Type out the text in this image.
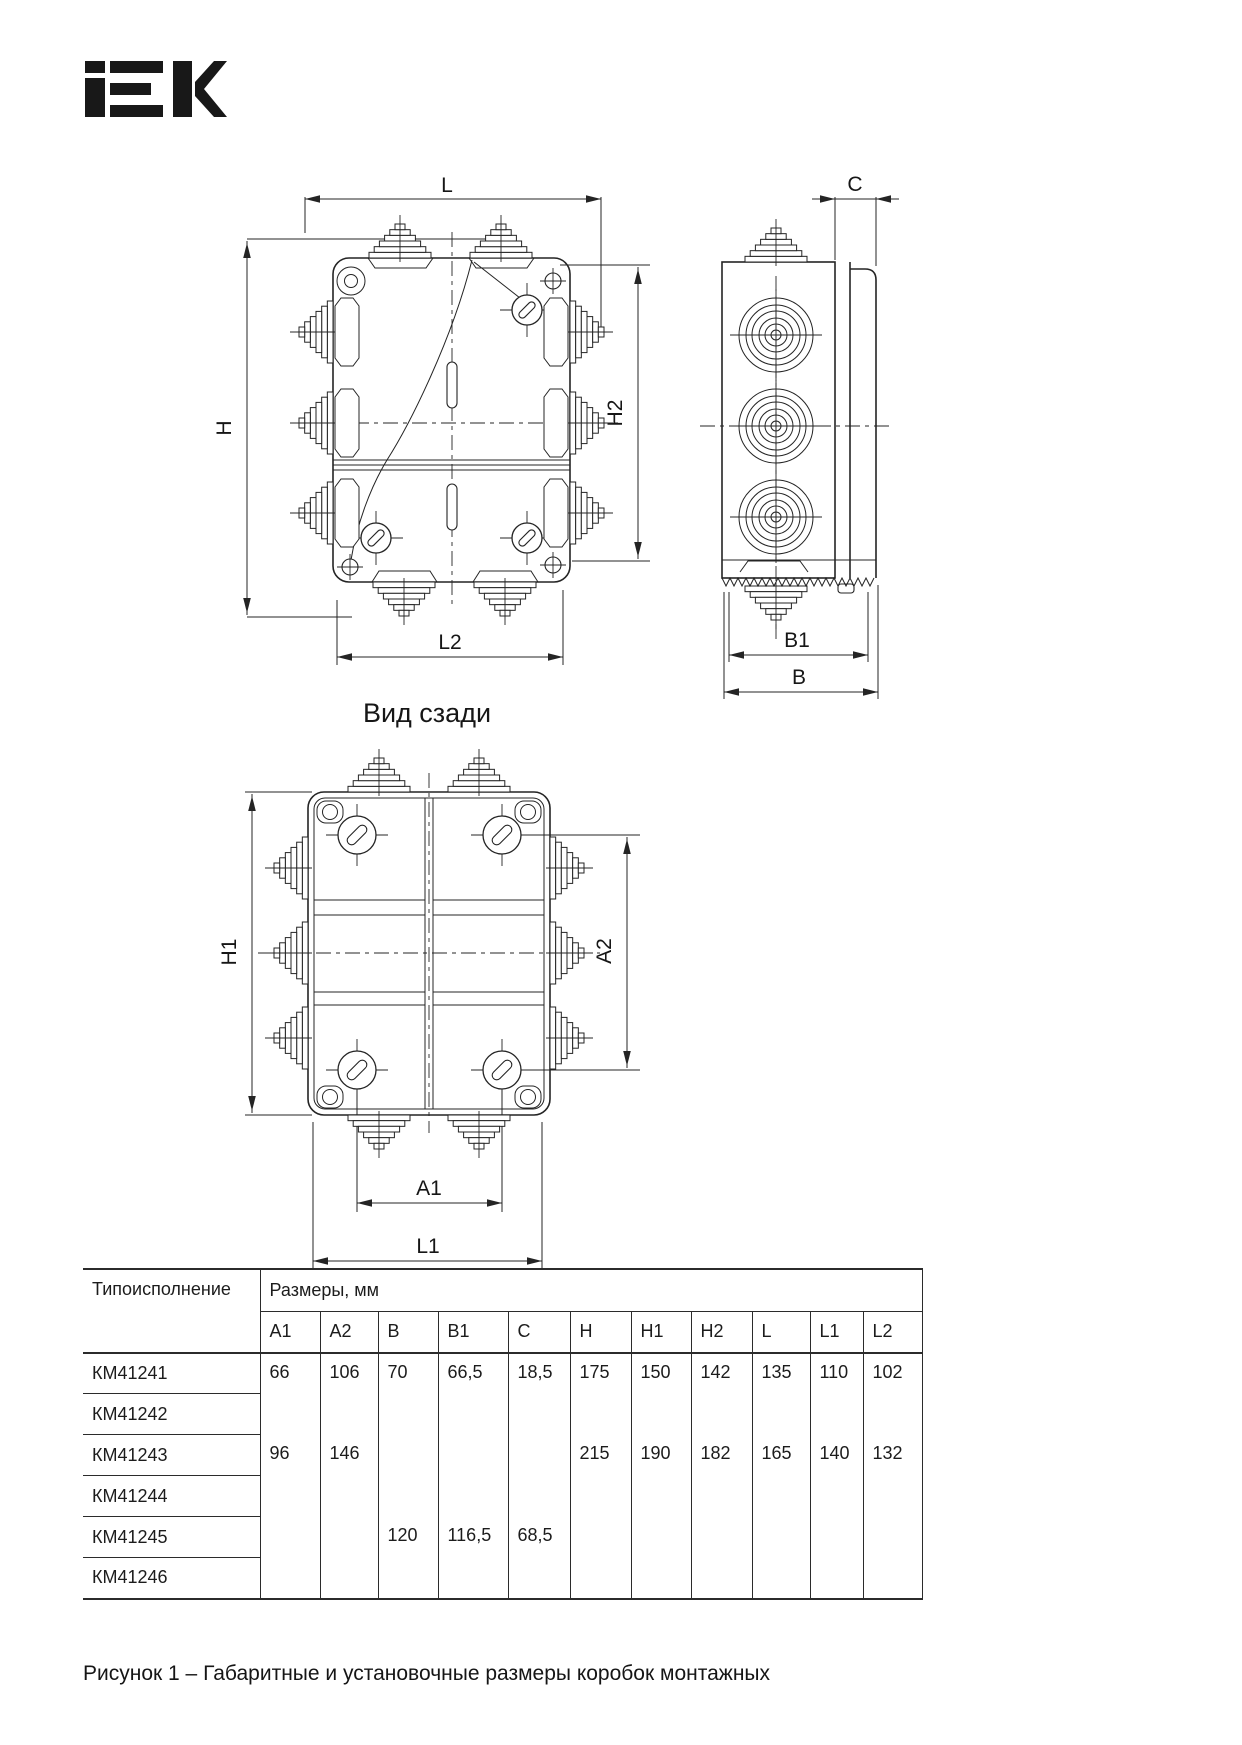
L
H
H2
L2
C
B1
B
Вид сзади
H1	A2
A1
L1
Типоисполнение	Размеры, мм										
	A1	A2	B	B1	C	H	H1	H2	L	L1	L2
КМ41241	66	106	70	66,5	18,5	175	150	142	135	110	102
КМ41242											
КМ41243	96	146				215	190	182	165	140	132
КМ41244											
КМ41245			120	116,5	68,5						
КМ41246											
Рисунок 1 – Габаритные и установочные размеры коробок монтажных
